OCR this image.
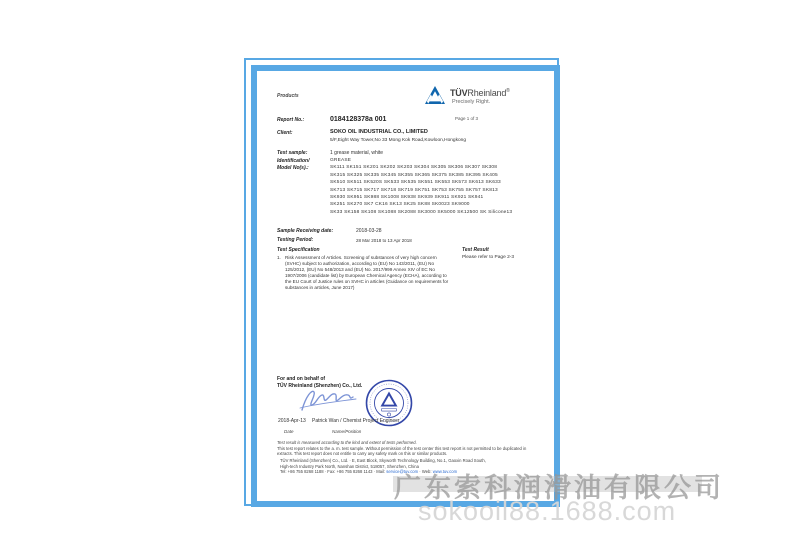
Products	TÜVRheinland®
Precisely Right.
Report No.:	0184128378a 001	Page 1 of 3
Client:	SOKO OIL INDUSTRIAL CO., LIMITED
5/F,Eight Way Tower,No 33 Mong Kok Road,Kowloon,Hongkong
Test sample:	1 grease material, white
Identification/
Model No(s).:
GREASE
SK111 SK151 SK201 SK202 SK203 SK304 SK305 SK306 SK307 SK308
SK315 SK325 SK335 SK345 SK355 SK365 SK375 SK385 SK395 SK405
SK510 SK511 SK520S SK533 SK535 SK551 SK553 SK573 SK613 SK633
SK713 SK715 SK717 SK718 SK719 SK751 SK753 SK755 SK757 SK813
SK930 SK951 SK988 SK1008 SK938 SK939 SK911 SK921 SK941
SK251 SK270 SK7 CK16 SK13 SK25 SK88 SK0023 SK9000
SK33 SK158 SK108 SK1088 SK2088 SK3000 SK5000 SK12500 SK Silicone13
Sample Receiving date:	2018-03-28
Testing Period:	28 Mar 2018 to 13 Apr 2018
Test Specification	Test Result
1. Risk Assessment of Articles. Screening of substances of very high concern (SVHC) subject to authorization, according to (EU) No 143/2011, (EU) No 125/2012, (EU) No 548/2013 and (EU) No. 2017/999 Annex XIV of EC No 1907/2006 (candidate list) by European Chemical Agency (ECHA), according to the EU Court of Justice rules on SVHC in articles (Guidance on requirements for substances in articles, June 2017)
Please refer to Page 2-3
For and on behalf of
TÜV Rheinland (Shenzhen) Co., Ltd.
2018-Apr-13 Patrick Wan / Chemist Project Engineer
Date	Name/Position
Test result is measured according to the kind and extent of tests performed.
This test report relates to the a. m. test sample. Without permission of the test center this test report is not permitted to be duplicated in extracts. This test report does not entitle to carry any safety mark on this or similar products.
TÜV Rheinland (Shenzhen) Co., Ltd. · E, East Block, Skyworth Technology Building, No.1, Gaoxin Road South,
High-tech Industry Park North, Nanshan District, 518057, Shenzhen, China
Tel: +86 755 8268 1188 · Fax: +86 755 8268 1143 · Mail: service@tuv.com · Web: www.tuv.com
广东索科润滑油有限公司
sokooil88.1688.com
